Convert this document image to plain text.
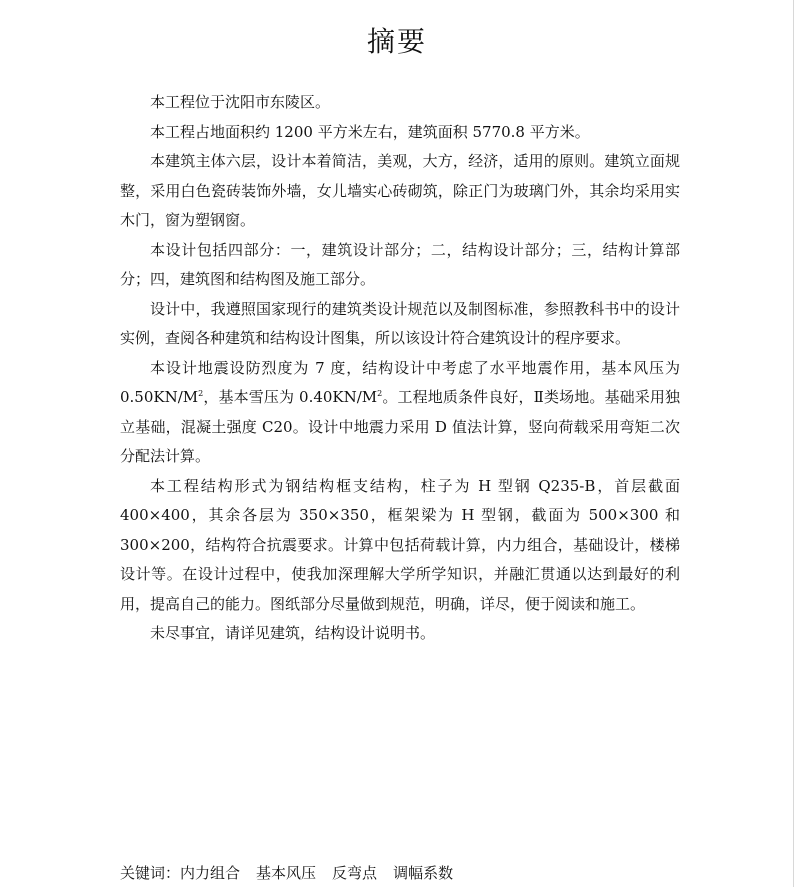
摘要

本工程位于沈阳市东陵区。

本工程占地面积约 1200 平方米左右，建筑面积 5770.8 平方米。

本建筑主体六层，设计本着简洁，美观，大方，经济，适用的原则。建筑立面规整，采用白色瓷砖装饰外墙，女儿墙实心砖砌筑，除正门为玻璃门外，其余均采用实木门，窗为塑钢窗。

本设计包括四部分：一，建筑设计部分；二，结构设计部分；三，结构计算部分；四，建筑图和结构图及施工部分。

设计中，我遵照国家现行的建筑类设计规范以及制图标准，参照教科书中的设计实例，查阅各种建筑和结构设计图集，所以该设计符合建筑设计的程序要求。

本设计地震设防烈度为 7 度，结构设计中考虑了水平地震作用，基本风压为 $0.50KN/M^2$，基本雪压为 $0.40KN/M^2$。工程地质条件良好，Ⅱ类场地。基础采用独立基础，混凝土强度 C20。设计中地震力采用 D 值法计算，竖向荷载采用弯矩二次分配法计算。

本工程结构形式为钢结构框支结构，柱子为 H 型钢 Q235-B，首层截面400×400，其余各层为 350×350，框架梁为 H 型钢，截面为 500×300 和 300×200，结构符合抗震要求。计算中包括荷载计算，内力组合，基础设计，楼梯设计等。在设计过程中，使我加深理解大学所学知识，并融汇贯通以达到最好的利用，提高自己的能力。图纸部分尽量做到规范，明确，详尽，便于阅读和施工。

未尽事宜，请详见建筑，结构设计说明书。

关键词：内力组合 基本风压 反弯点 调幅系数
